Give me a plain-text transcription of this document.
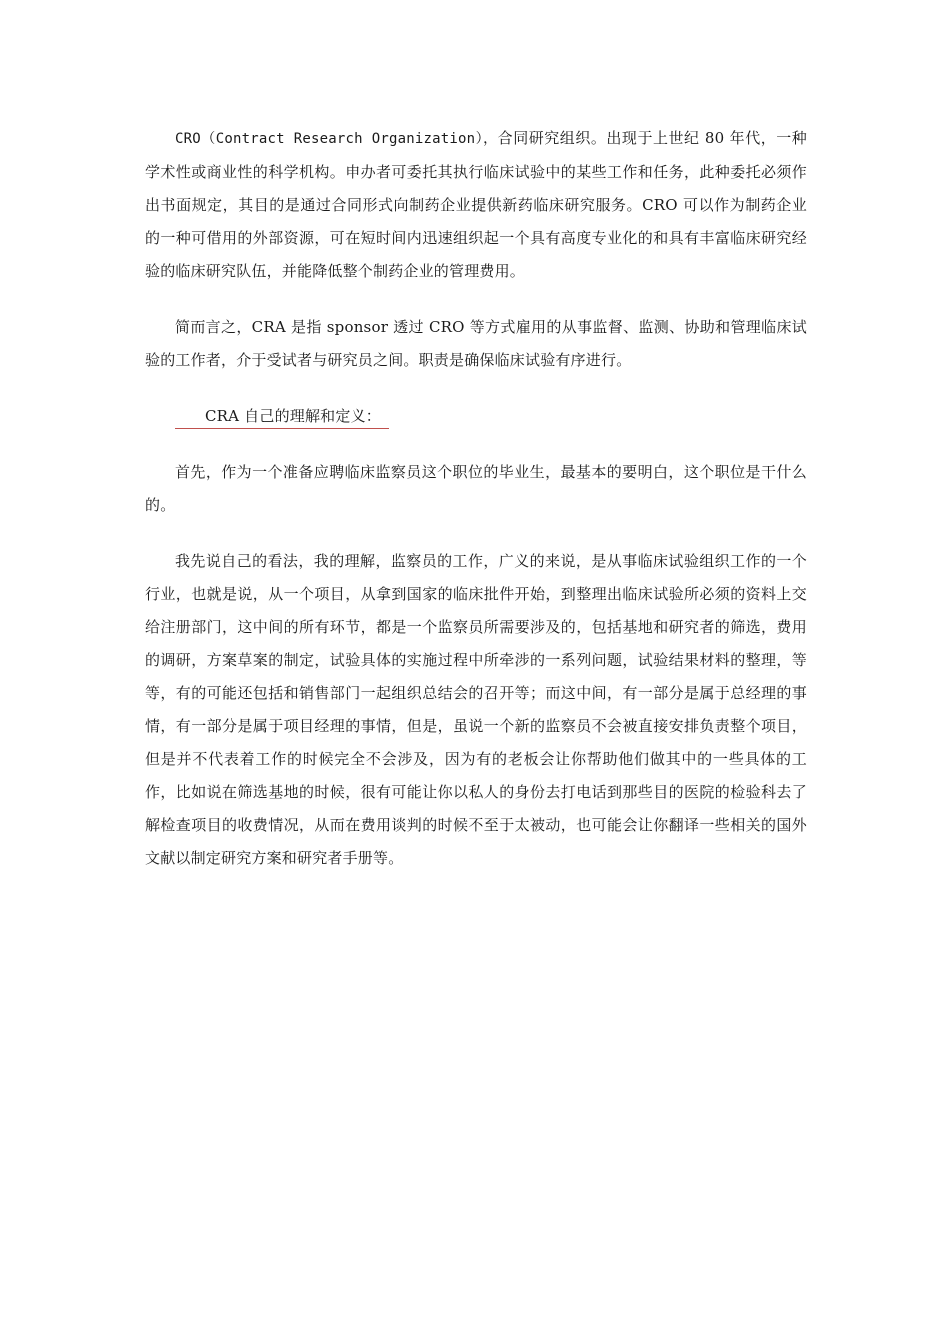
CRO（Contract Research Organization），合同研究组织。出现于上世纪 80 年代，一种学术性或商业性的科学机构。申办者可委托其执行临床试验中的某些工作和任务，此种委托必须作出书面规定，其目的是通过合同形式向制药企业提供新药临床研究服务。CRO 可以作为制药企业的一种可借用的外部资源，可在短时间内迅速组织起一个具有高度专业化的和具有丰富临床研究经验的临床研究队伍，并能降低整个制药企业的管理费用。

简而言之，CRA 是指 sponsor 透过 CRO 等方式雇用的从事监督、监测、协助和管理临床试验的工作者，介于受试者与研究员之间。职责是确保临床试验有序进行。

CRA 自己的理解和定义：

首先，作为一个准备应聘临床监察员这个职位的毕业生，最基本的要明白，这个职位是干什么的。

我先说自己的看法，我的理解，监察员的工作，广义的来说，是从事临床试验组织工作的一个行业，也就是说，从一个项目，从拿到国家的临床批件开始，到整理出临床试验所必须的资料上交给注册部门，这中间的所有环节，都是一个监察员所需要涉及的，包括基地和研究者的筛选，费用的调研，方案草案的制定，试验具体的实施过程中所牵涉的一系列问题，试验结果材料的整理，等等，有的可能还包括和销售部门一起组织总结会的召开等；而这中间，有一部分是属于总经理的事情，有一部分是属于项目经理的事情，但是，虽说一个新的监察员不会被直接安排负责整个项目，但是并不代表着工作的时候完全不会涉及，因为有的老板会让你帮助他们做其中的一些具体的工作，比如说在筛选基地的时候，很有可能让你以私人的身份去打电话到那些目的医院的检验科去了解检查项目的收费情况，从而在费用谈判的时候不至于太被动，也可能会让你翻译一些相关的国外文献以制定研究方案和研究者手册等。
